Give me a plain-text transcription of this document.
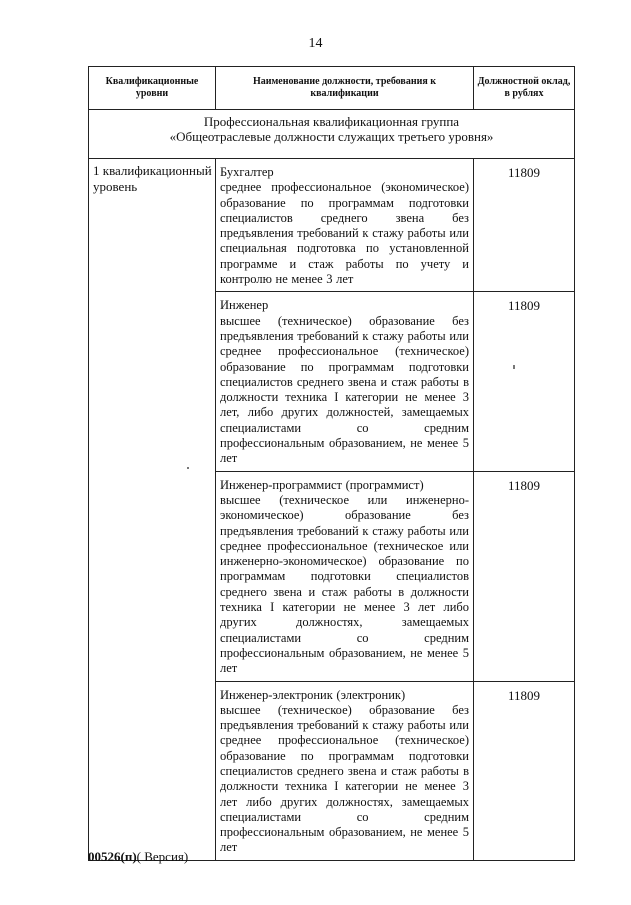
14
Квалификационные уровни	Наименование должности, требования к квалификации	Должностной оклад, в рублях

Профессиональная квалификационная группа
«Общеотраслевые должности служащих третьего уровня»		

1 квалификационный уровень	Бухгалтер
среднее профессиональное (экономическое) образование по программам подготовки специалистов среднего звена без предъявления требований к стажу работы или специальная подготовка по установленной программе и стаж работы по учету и контролю не менее 3 лет	11809

	Инженер
высшее (техническое) образование без предъявления требований к стажу работы или среднее профессиональное (техническое) образование по программам подготовки специалистов среднего звена и стаж работы в должности техника I категории не менее 3 лет, либо других должностей, замещаемых специалистами со средним профессиональным образованием, не менее 5 лет	11809

	Инженер-программист (программист)
высшее (техническое или инженерно-экономическое) образование без предъявления требований к стажу работы или среднее профессиональное (техническое или инженерно-экономическое) образование по программам подготовки специалистов среднего звена и стаж работы в должности техника I категории не менее 3 лет либо других должностях, замещаемых специалистами со средним профессиональным образованием, не менее 5 лет	11809

	Инженер-электроник (электроник)
высшее (техническое) образование без предъявления требований к стажу работы или среднее профессиональное (техническое) образование по программам подготовки специалистов среднего звена и стаж работы в должности техника I категории не менее 3 лет либо других должностях, замещаемых специалистами со средним профессиональным образованием, не менее 5 лет	11809
00526(п)( Версия)
